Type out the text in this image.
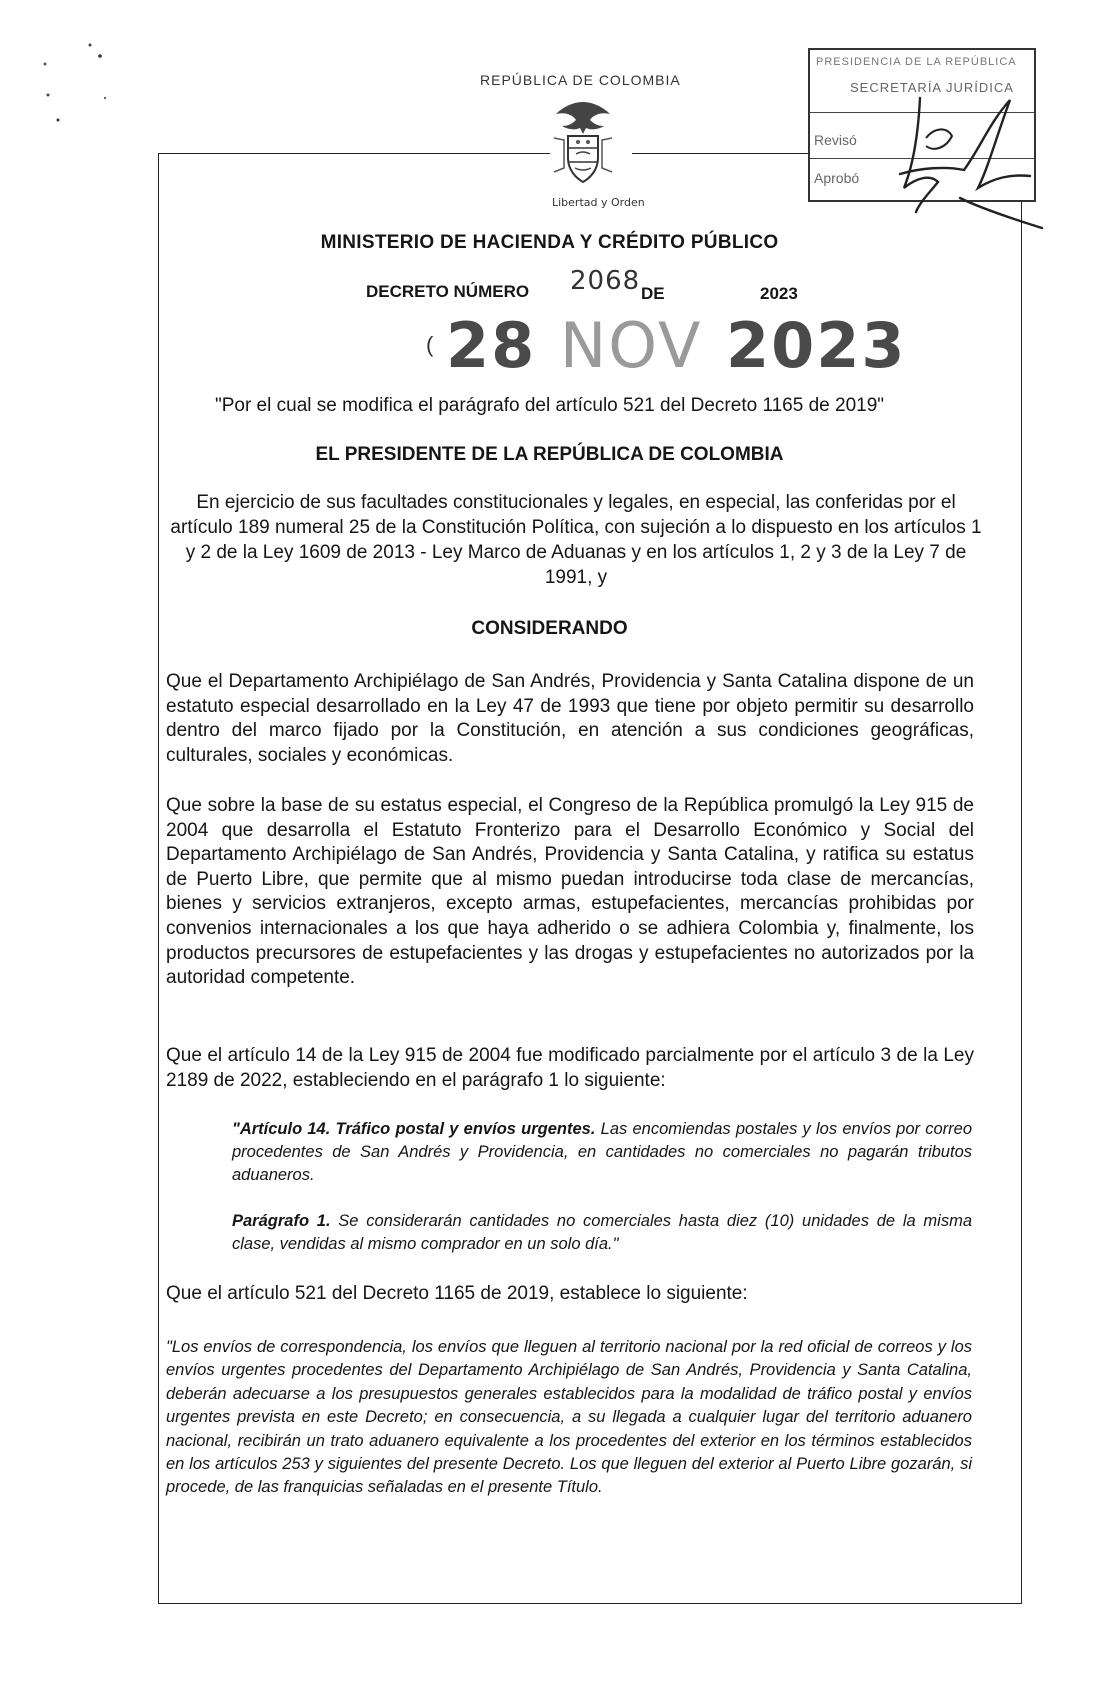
REPÚBLICA DE COLOMBIA
Libertad y Orden
MINISTERIO DE HACIENDA Y CRÉDITO PÚBLICO
DECRETO NÚMERO 2068 DE	2023
( 28 NOV 2023
PRESIDENCIA DE LA REPÚBLICA
SECRETARÍA JURÍDICA
Revisó
Aprobó
"Por el cual se modifica el parágrafo del artículo 521 del Decreto 1165 de 2019"
EL PRESIDENTE DE LA REPÚBLICA DE COLOMBIA
En ejercicio de sus facultades constitucionales y legales, en especial, las conferidas por el artículo 189 numeral 25 de la Constitución Política, con sujeción a lo dispuesto en los artículos 1 y 2 de la Ley 1609 de 2013 - Ley Marco de Aduanas y en los artículos 1, 2 y 3 de la Ley 7 de 1991, y
CONSIDERANDO
Que el Departamento Archipiélago de San Andrés, Providencia y Santa Catalina dispone de un estatuto especial desarrollado en la Ley 47 de 1993 que tiene por objeto permitir su desarrollo dentro del marco fijado por la Constitución, en atención a sus condiciones geográficas, culturales, sociales y económicas.
Que sobre la base de su estatus especial, el Congreso de la República promulgó la Ley 915 de 2004 que desarrolla el Estatuto Fronterizo para el Desarrollo Económico y Social del Departamento Archipiélago de San Andrés, Providencia y Santa Catalina, y ratifica su estatus de Puerto Libre, que permite que al mismo puedan introducirse toda clase de mercancías, bienes y servicios extranjeros, excepto armas, estupefacientes, mercancías prohibidas por convenios internacionales a los que haya adherido o se adhiera Colombia y, finalmente, los productos precursores de estupefacientes y las drogas y estupefacientes no autorizados por la autoridad competente.
Que el artículo 14 de la Ley 915 de 2004 fue modificado parcialmente por el artículo 3 de la Ley 2189 de 2022, estableciendo en el parágrafo 1 lo siguiente:
"Artículo 14. Tráfico postal y envíos urgentes. Las encomiendas postales y los envíos por correo procedentes de San Andrés y Providencia, en cantidades no comerciales no pagarán tributos aduaneros.
Parágrafo 1. Se considerarán cantidades no comerciales hasta diez (10) unidades de la misma clase, vendidas al mismo comprador en un solo día."
Que el artículo 521 del Decreto 1165 de 2019, establece lo siguiente:
"Los envíos de correspondencia, los envíos que lleguen al territorio nacional por la red oficial de correos y los envíos urgentes procedentes del Departamento Archipiélago de San Andrés, Providencia y Santa Catalina, deberán adecuarse a los presupuestos generales establecidos para la modalidad de tráfico postal y envíos urgentes prevista en este Decreto; en consecuencia, a su llegada a cualquier lugar del territorio aduanero nacional, recibirán un trato aduanero equivalente a los procedentes del exterior en los términos establecidos en los artículos 253 y siguientes del presente Decreto. Los que lleguen del exterior al Puerto Libre gozarán, si procede, de las franquicias señaladas en el presente Título.
